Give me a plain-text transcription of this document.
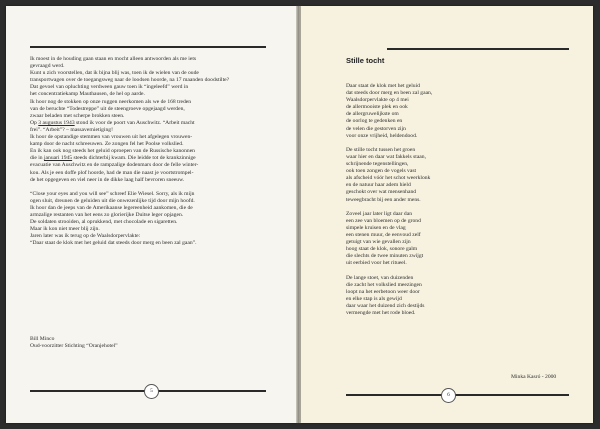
Ik moest in de houding gaan staan en mocht alleen antwoorden als me iets
gevraagd werd.
Kunt u zich voorstellen, dat ik bijna blij was, toen ik de wielen van de oude
transportwagen over de toegangsweg naar de loodsen hoorde, na 17 maanden doodstilte?
Dat gevoel van opluchting verdween gauw toen ik “ingeleefd” werd in
het concentratiekamp Mauthausen, de hel op aarde.
Ik hoor nog de stokken op onze ruggen neerkomen als we de 168 treden
van de beruchte “Todestreppe” uit de steengroeve opgejaagd werden,
zwaar beladen met scherpe brokken steen.
Op 3 augustus 1943 stond ik voor de poort van Auschwitz. “Arbeit macht
frei”. “Arbeit”? – massavernietiging!
Ik hoor de opstandige stemmen van vrouwen uit het afgelegen vrouwen-
kamp door de nacht schreeuwen. Ze zongen fel het Poolse volkslied.
En ik kan ook nog steeds het geluid oproepen van de Russische kanonnen
die in januari 1945 steeds dichterbij kwam. Die leidde tot de krankzinnige
evacuatie van Auschwitz en de rampzalige dodenmars door de felle winter-
kou. Als je een doffe plof hoorde, had de man die naast je voortstrompel-
de het opgegeven en viel neer in de dikke laag half bevroren sneeuw.
“Close your eyes and you will see” schreef Elie Wiesel. Sorry, als ik mijn
ogen sluit, dreunen de geluiden uit die onwezenlijke tijd door mijn hoofd.
Ik hoor dan de jeeps van de Amerikaanse legereenheid aankomen, die de
armzalige restanten van het eens zo glorierijke Duitse leger opjagen.
De soldaten strooiden, al oprukkend, met chocolade en sigaretten.
Maar ik kon niet meer blij zijn.
Jaren later was ik terug op de Waalsdorpervlakte:
“Daar staat de klok met het geluid dat steeds door merg en been zal gaan”.
Bill Minco
Oud-voorzitter Stichting “Oranjehotel”
5
Stille tocht
Daar staat de klok met het geluid
dat steeds door merg en been zal gaan,
Waalsdorpervlakte op 4 mei
de allermooiste plek en ook
de allergruwelijkste om
de oorlog te gedenken en
de velen die gestorven zijn
voor onze vrijheid, heldendood.
De stille tocht tussen het groen
waar hier en daar wat fakkels staan,
schrijnende tegenstellingen,
ook toen zongen de vogels vast
als afscheid vóór het schot weerklonk
en de natuur haar adem hield
geschokt over wat mensenhand
teweegbracht bij een ander mens.
Zoveel jaar later ligt daar dan
een zee van bloemen op de grond
simpele kruisen en de vlag
een stenen muur, de eenvoud zelf
getuigt van wie gevallen zijn
hoog staat de klok, sonore galm
die slechts de twee minuten zwijgt
uit eerbied voor het ritueel.
De lange stoet, van duizenden
die zacht het volkslied meezingen
loopt na het eerbetoon weer door
en elke stap is als gewijd
daar waar het duizend zich destijds
vermengde met het rode bloed.
Minka Kasró - 2000
6
